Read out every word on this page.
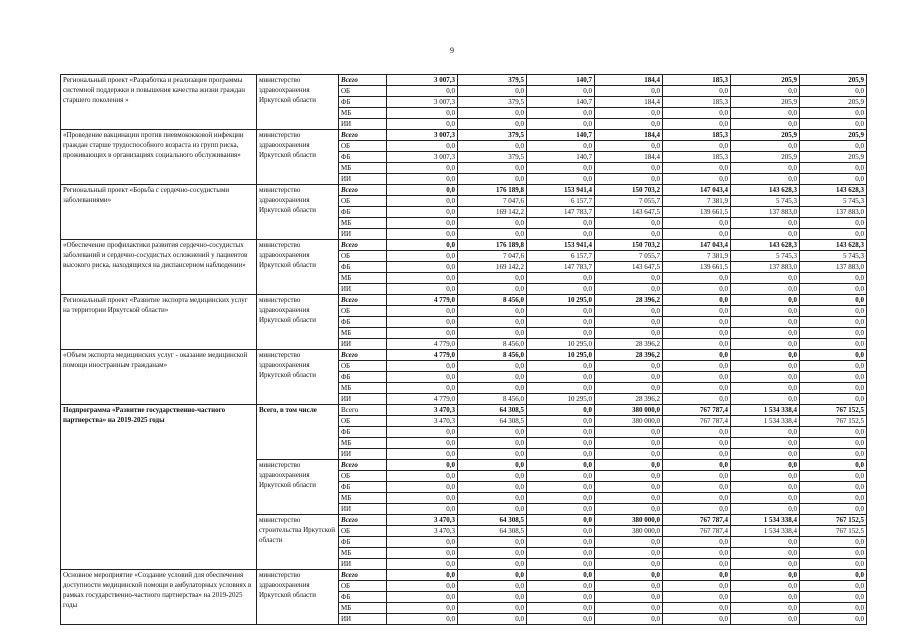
9
Региональный проект «Разработка и реализация программы системной поддержки и повышения качества жизни граждан старшего поколения »	министерство здравоохранения Иркутской области	Всего	3 007,3	379,5	140,7	184,4	185,3	205,9	205,9
		ОБ	0,0	0,0	0,0	0,0	0,0	0,0	0,0
		ФБ	3 007,3	379,5	140,7	184,4	185,3	205,9	205,9
		МБ	0,0	0,0	0,0	0,0	0,0	0,0	0,0
		ИИ	0,0	0,0	0,0	0,0	0,0	0,0	0,0
«Проведение вакцинации против пневмококковой инфекции граждан старше трудоспособного возраста из групп риска, проживающих в организациях социального обслуживания»	министерство здравоохранения Иркутской области	Всего	3 007,3	379,5	140,7	184,4	185,3	205,9	205,9
		ОБ	0,0	0,0	0,0	0,0	0,0	0,0	0,0
		ФБ	3 007,3	379,5	140,7	184,4	185,3	205,9	205,9
		МБ	0,0	0,0	0,0	0,0	0,0	0,0	0,0
		ИИ	0,0	0,0	0,0	0,0	0,0	0,0	0,0
Региональный проект «Борьба с сердечно-сосудистыми заболеваниями»	министерство здравоохранения Иркутской области	Всего	0,0	176 189,8	153 941,4	150 703,2	147 043,4	143 628,3	143 628,3
		ОБ	0,0	7 047,6	6 157,7	7 055,7	7 381,9	5 745,3	5 745,3
		ФБ	0,0	169 142,2	147 783,7	143 647,5	139 661,5	137 883,0	137 883,0
		МБ	0,0	0,0	0,0	0,0	0,0	0,0	0,0
		ИИ	0,0	0,0	0,0	0,0	0,0	0,0	0,0
«Обеспечение профилактики развития сердечно-сосудистых заболеваний и сердечно-сосудистых осложнений у пациентов высокого риска, находящихся на диспансерном наблюдении»	министерство здравоохранения Иркутской области	Всего	0,0	176 189,8	153 941,4	150 703,2	147 043,4	143 628,3	143 628,3
		ОБ	0,0	7 047,6	6 157,7	7 055,7	7 381,9	5 745,3	5 745,3
		ФБ	0,0	169 142,2	147 783,7	143 647,5	139 661,5	137 883,0	137 883,0
		МБ	0,0	0,0	0,0	0,0	0,0	0,0	0,0
		ИИ	0,0	0,0	0,0	0,0	0,0	0,0	0,0
Региональный проект «Развитие экспорта медицинских услуг на территории Иркутской области»	министерство здравоохранения Иркутской области	Всего	4 779,0	8 456,0	10 295,0	28 396,2	0,0	0,0	0,0
		ОБ	0,0	0,0	0,0	0,0	0,0	0,0	0,0
		ФБ	0,0	0,0	0,0	0,0	0,0	0,0	0,0
		МБ	0,0	0,0	0,0	0,0	0,0	0,0	0,0
		ИИ	4 779,0	8 456,0	10 295,0	28 396,2	0,0	0,0	0,0
«Объем экспорта медицинских услуг - оказание медицинской помощи иностранным гражданам»	министерство здравоохранения Иркутской области	Всего	4 779,0	8 456,0	10 295,0	28 396,2	0,0	0,0	0,0
		ОБ	0,0	0,0	0,0	0,0	0,0	0,0	0,0
		ФБ	0,0	0,0	0,0	0,0	0,0	0,0	0,0
		МБ	0,0	0,0	0,0	0,0	0,0	0,0	0,0
		ИИ	4 779,0	8 456,0	10 295,0	28 396,2	0,0	0,0	0,0
Подпрограмма «Развитие государственно-частного партнерства» на 2019-2025 годы	Всего, в том числе	Всего	3 470,3	64 308,5	0,0	380 000,0	767 787,4	1 534 338,4	767 152,5
		ОБ	3 470,3	64 308,5	0,0	380 000,0	767 787,4	1 534 338,4	767 152,5
		ФБ	0,0	0,0	0,0	0,0	0,0	0,0	0,0
		МБ	0,0	0,0	0,0	0,0	0,0	0,0	0,0
		ИИ	0,0	0,0	0,0	0,0	0,0	0,0	0,0
	министерство здравоохранения Иркутской области	Всего	0,0	0,0	0,0	0,0	0,0	0,0	0,0
		ОБ	0,0	0,0	0,0	0,0	0,0	0,0	0,0
		ФБ	0,0	0,0	0,0	0,0	0,0	0,0	0,0
		МБ	0,0	0,0	0,0	0,0	0,0	0,0	0,0
		ИИ	0,0	0,0	0,0	0,0	0,0	0,0	0,0
	министерство строительства Иркутской области	Всего	3 470,3	64 308,5	0,0	380 000,0	767 787,4	1 534 338,4	767 152,5
		ОБ	3 470,3	64 308,5	0,0	380 000,0	767 787,4	1 534 338,4	767 152,5
		ФБ	0,0	0,0	0,0	0,0	0,0	0,0	0,0
		МБ	0,0	0,0	0,0	0,0	0,0	0,0	0,0
		ИИ	0,0	0,0	0,0	0,0	0,0	0,0	0,0
Основное мероприятие «Создание условий для обеспечения доступности медицинской помощи в амбулаторных условиях в рамках государственно-частного партнерства» на 2019-2025 годы	министерство здравоохранения Иркутской области	Всего	0,0	0,0	0,0	0,0	0,0	0,0	0,0
		ОБ	0,0	0,0	0,0	0,0	0,0	0,0	0,0
		ФБ	0,0	0,0	0,0	0,0	0,0	0,0	0,0
		МБ	0,0	0,0	0,0	0,0	0,0	0,0	0,0
		ИИ	0,0	0,0	0,0	0,0	0,0	0,0	0,0
